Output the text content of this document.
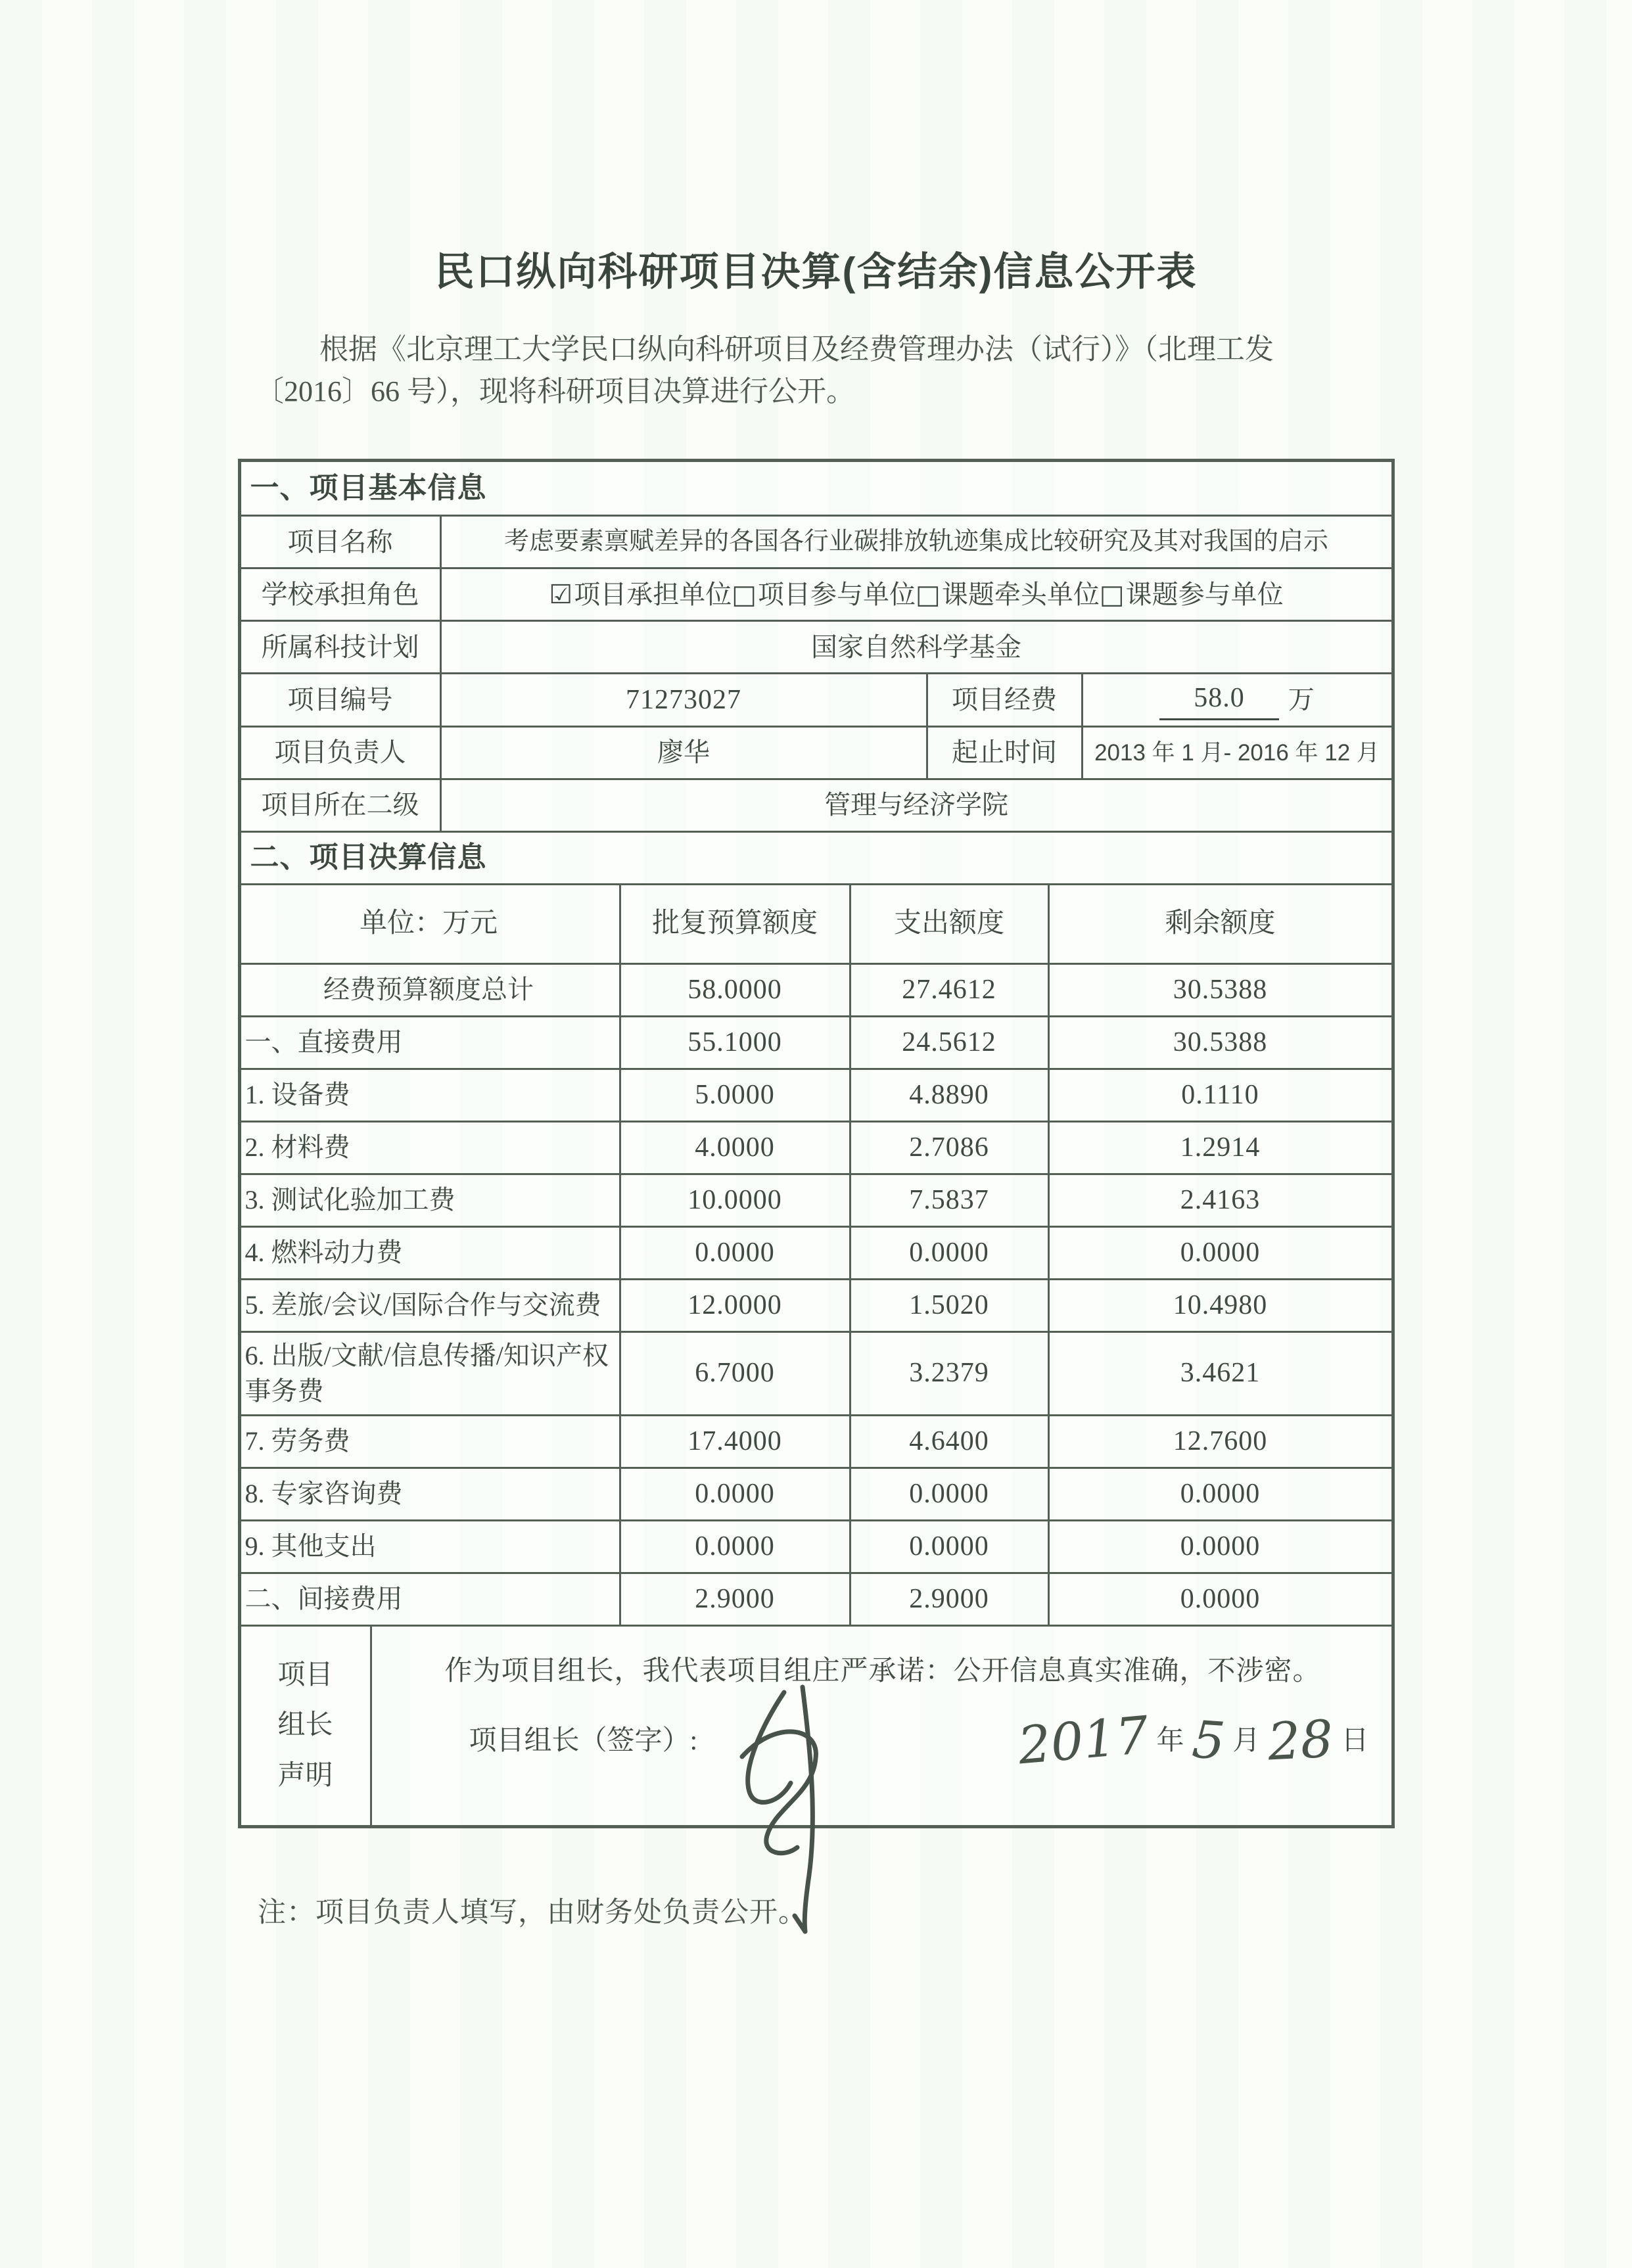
民口纵向科研项目决算(含结余)信息公开表

根据《北京理工大学民口纵向科研项目及经费管理办法（试行）》（北理工发
〔2016〕66 号），现将科研项目决算进行公开。

一、项目基本信息
项目名称	考虑要素禀赋差异的各国各行业碳排放轨迹集成比较研究及其对我国的启示
学校承担角色	☑ 项目承担单位 □ 项目参与单位 □ 课题牵头单位 □ 课题参与单位
所属科技计划	国家自然科学基金
项目编号	71273027	项目经费	58.0	万
项目负责人	廖华	起止时间	2013 年 1 月- 2016 年 12 月
项目所在二级	管理与经济学院
二、项目决算信息
单位：万元	批复预算额度	支出额度	剩余额度
经费预算额度总计	58.0000	27.4612	30.5388
一、直接费用	55.1000	24.5612	30.5388
1. 设备费	5.0000	4.8890	0.1110
2. 材料费	4.0000	2.7086	1.2914
3. 测试化验加工费	10.0000	7.5837	2.4163
4. 燃料动力费	0.0000	0.0000	0.0000
5. 差旅/会议/国际合作与交流费	12.0000	1.5020	10.4980
6. 出版/文献/信息传播/知识产权事务费
6.7000	3.2379	3.4621
7. 劳务费	17.4000	4.6400	12.7600
8. 专家咨询费	0.0000	0.0000	0.0000
9. 其他支出	0.0000	0.0000	0.0000
二、间接费用	2.9000	2.9000	0.0000
项目
组长
声明
作为项目组长，我代表项目组庄严承诺：公开信息真实准确，不涉密。
项目组长（签字）:	2017 年 5 月 28 日

注：项目负责人填写，由财务处负责公开。
